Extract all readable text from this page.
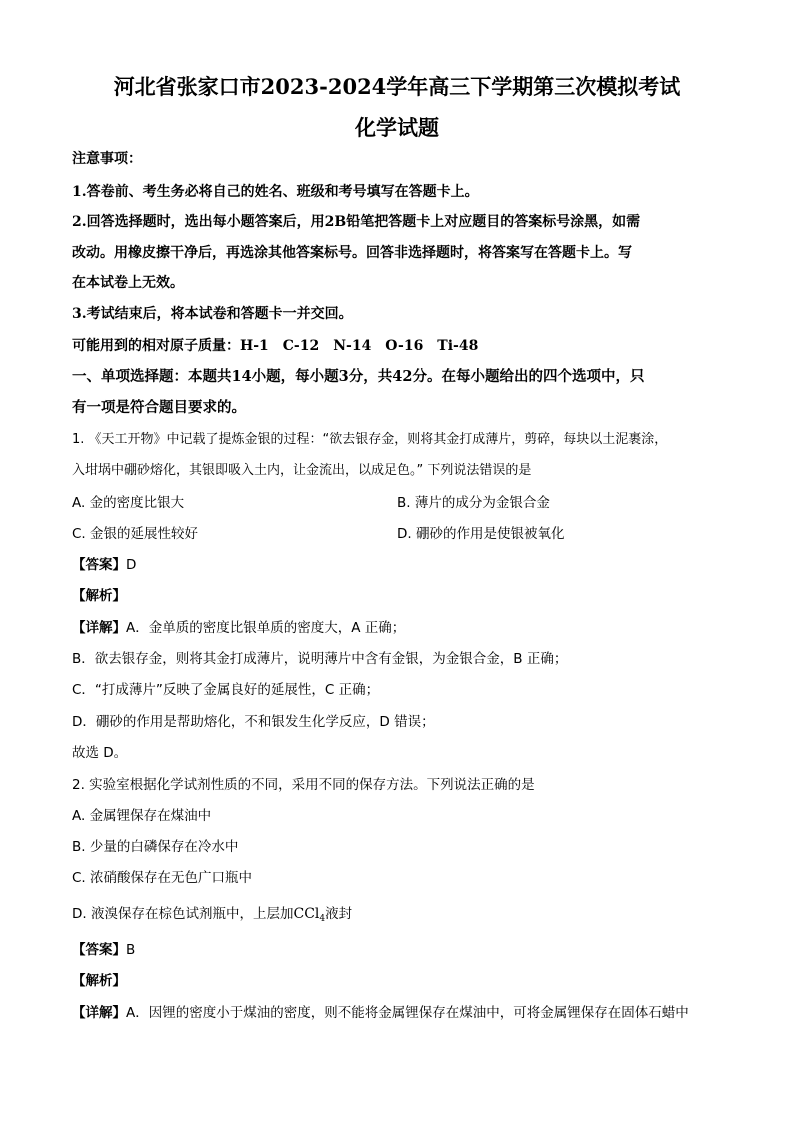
河北省张家口市2023-2024学年高三下学期第三次模拟考试
化学试题
注意事项：
1.答卷前、考生务必将自己的姓名、班级和考号填写在答题卡上。
2.回答选择题时，选出每小题答案后，用2B铅笔把答题卡上对应题目的答案标号涂黑，如需
改动。用橡皮擦干净后，再选涂其他答案标号。回答非选择题时，将答案写在答题卡上。写
在本试卷上无效。
3.考试结束后，将本试卷和答题卡一并交回。
可能用到的相对原子质量：H-1　C-12　N-14　O-16　Ti-48
一、单项选择题：本题共14小题，每小题3分，共42分。在每小题给出的四个选项中，只
有一项是符合题目要求的。
1. 《天工开物》中记载了提炼金银的过程：“欲去银存金，则将其金打成薄片，剪碎，每块以土泥裹涂，
入坩埚中硼砂熔化，其银即吸入土内，让金流出，以成足色。” 下列说法错误的是
A. 金的密度比银大	B. 薄片的成分为金银合金
C. 金银的延展性较好	D. 硼砂的作用是使银被氧化
【答案】D
【解析】
【详解】A．金单质的密度比银单质的密度大，A 正确；
B．欲去银存金，则将其金打成薄片，说明薄片中含有金银，为金银合金，B 正确；
C．“打成薄片”反映了金属良好的延展性，C 正确；
D．硼砂的作用是帮助熔化，不和银发生化学反应，D 错误；
故选 D。
2. 实验室根据化学试剂性质的不同，采用不同的保存方法。下列说法正确的是
A. 金属锂保存在煤油中
B. 少量的白磷保存在冷水中
C. 浓硝酸保存在无色广口瓶中
D. 液溴保存在棕色试剂瓶中，上层加CCl$_4$液封
【答案】B
【解析】
【详解】A．因锂的密度小于煤油的密度，则不能将金属锂保存在煤油中，可将金属锂保存在固体石蜡中
